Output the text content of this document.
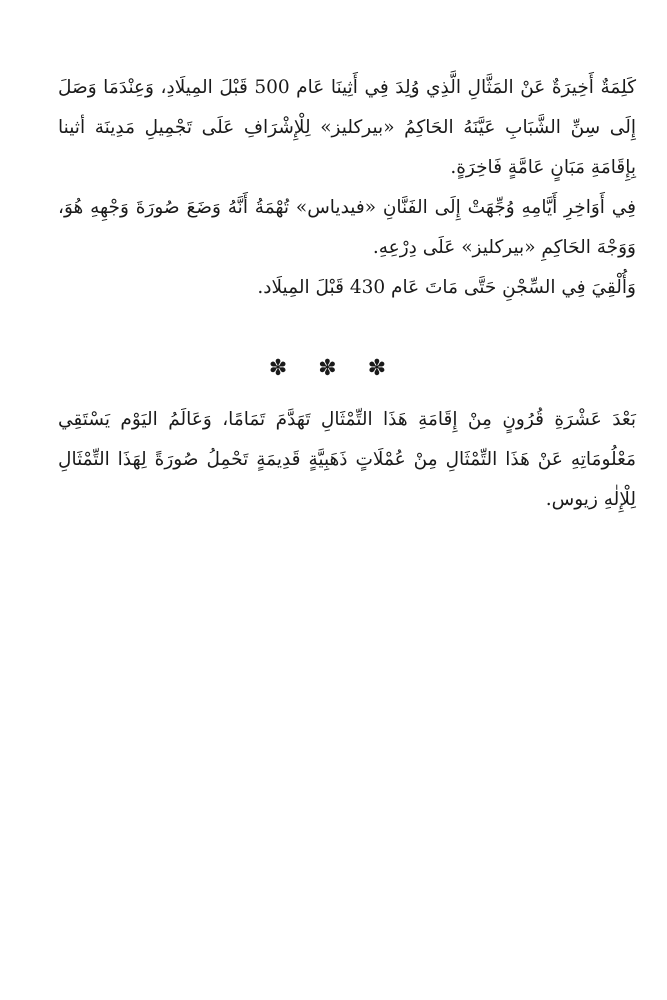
كَلِمَةٌ أَخِيرَةٌ عَنْ المَثَّالِ الَّذِي وُلِدَ فِي أَثِينَا عَام 500 قَبْلَ المِيلَادِ، وَعِنْدَمَا وَصَلَ إِلَى سِنِّ الشَّبَابِ عَيَّنَهُ الحَاكِمُ «بيركليز» لِلْإِشْرَافِ عَلَى تَجْمِيلِ مَدِينَة أثينا بِإِقَامَةِ مَبَانٍ عَامَّةٍ فَاخِرَةٍ.

فِي أَوَاخِرِ أَيَّامِهِ وُجِّهَتْ إِلَى الفَنَّانِ «فيدياس» تُهْمَةُ أَنَّهُ وَضَعَ صُورَةَ وَجْهِهِ هُوَ، وَوَجْهَ الحَاكِمِ «بيركليز» عَلَى دِرْعِهِ.

وَأُلْقِيَ فِي السِّجْنِ حَتَّى مَاتَ عَام 430 قَبْلَ المِيلَاد.

✽ ✽ ✽

بَعْدَ عَشْرَةِ قُرُونٍ مِنْ إِقَامَةِ هَذَا التِّمْثَالِ تَهَدَّمَ تَمَامًا، وَعَالَمُ اليَوْم يَسْتَقِي مَعْلُومَاتِهِ عَنْ هَذَا التِّمْثَالِ مِنْ عُمْلَاتٍ ذَهَبِيَّةٍ قَدِيمَةٍ تَحْمِلُ صُورَةً لِهَذَا التِّمْثَالِ لِلْإِلٰهِ زيوس.
